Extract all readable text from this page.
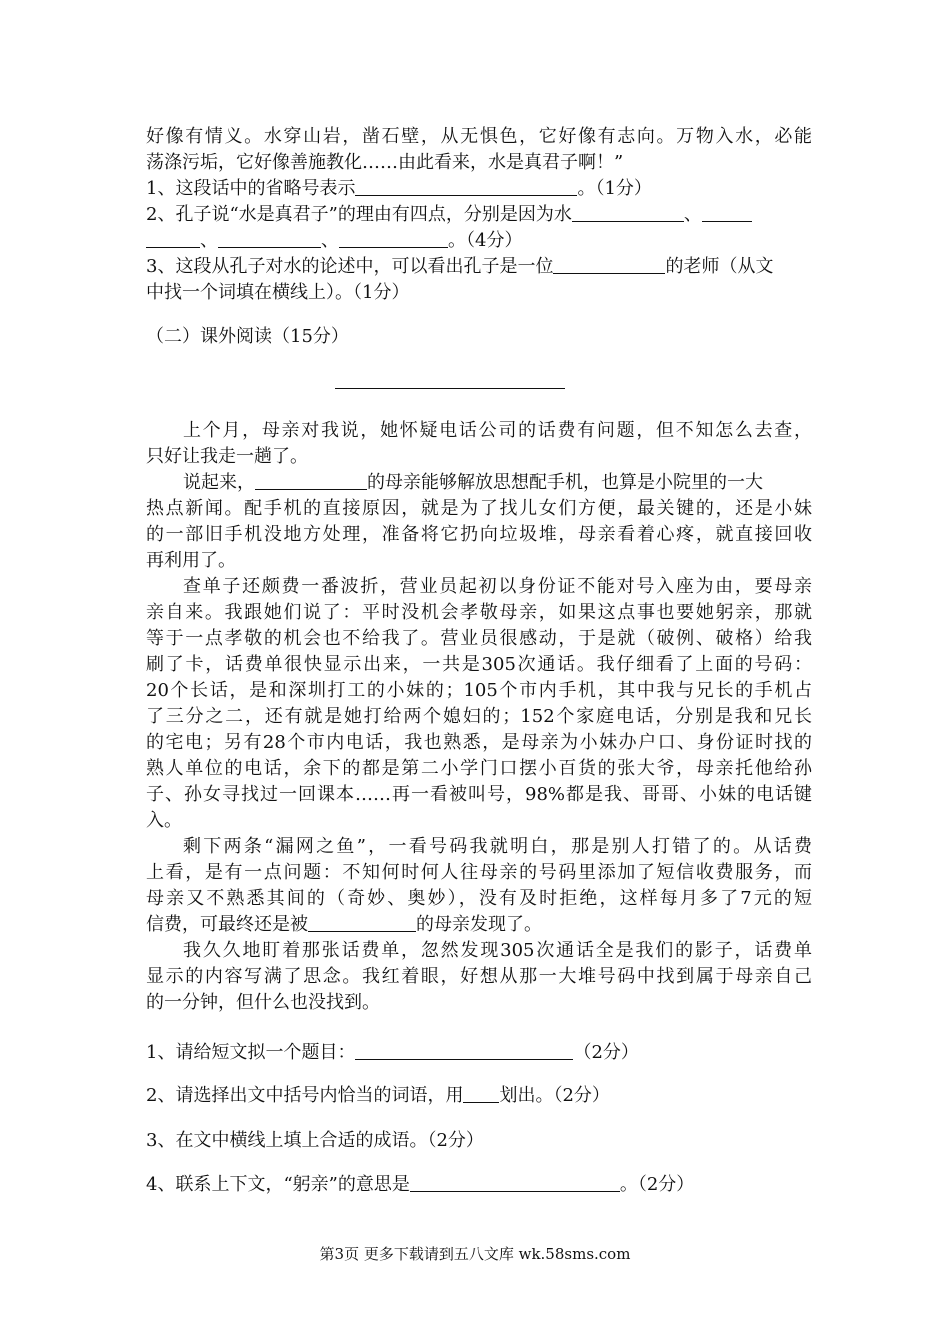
好像有情义。水穿山岩，凿石壁，从无惧色，它好像有志向。万物入水，必能
荡涤污垢，它好像善施教化……由此看来，水是真君子啊！”
1、这段话中的省略号表示	。（1分）
2、孔子说“水是真君子”的理由有四点，分别是因为水	、
、	、	。（4分）
3、这段从孔子对水的论述中，可以看出孔子是一位	的老师（从文
中找一个词填在横线上）。（1分）
（二）课外阅读（15分）
上个月，母亲对我说，她怀疑电话公司的话费有问题，但不知怎么去查，
只好让我走一趟了。
说起来，	的母亲能够解放思想配手机，也算是小院里的一大
热点新闻。配手机的直接原因，就是为了找儿女们方便，最关键的，还是小妹
的一部旧手机没地方处理，准备将它扔向垃圾堆，母亲看着心疼，就直接回收
再利用了。
查单子还颇费一番波折，营业员起初以身份证不能对号入座为由，要母亲
亲自来。我跟她们说了：平时没机会孝敬母亲，如果这点事也要她躬亲，那就
等于一点孝敬的机会也不给我了。营业员很感动，于是就（破例、破格）给我
刷了卡，话费单很快显示出来，一共是305次通话。我仔细看了上面的号码：
20个长话，是和深圳打工的小妹的；105个市内手机，其中我与兄长的手机占
了三分之二，还有就是她打给两个媳妇的；152个家庭电话，分别是我和兄长
的宅电；另有28个市内电话，我也熟悉，是母亲为小妹办户口、身份证时找的
熟人单位的电话，余下的都是第二小学门口摆小百货的张大爷，母亲托他给孙
子、孙女寻找过一回课本……再一看被叫号，98%都是我、哥哥、小妹的电话键
入。
剩下两条“漏网之鱼”，一看号码我就明白，那是别人打错了的。从话费
上看，是有一点问题：不知何时何人往母亲的号码里添加了短信收费服务，而
母亲又不熟悉其间的（奇妙、奥妙），没有及时拒绝，这样每月多了7元的短
信费，可最终还是被	的母亲发现了。
我久久地盯着那张话费单，忽然发现305次通话全是我们的影子，话费单
显示的内容写满了思念。我红着眼，好想从那一大堆号码中找到属于母亲自己
的一分钟，但什么也没找到。
1、请给短文拟一个题目：	（2分）
2、请选择出文中括号内恰当的词语，用 划出。（2分）
3、在文中横线上填上合适的成语。（2分）
4、联系上下文，“躬亲”的意思是	。（2分）
第3页 更多下载请到五八文库 wk.58sms.com
